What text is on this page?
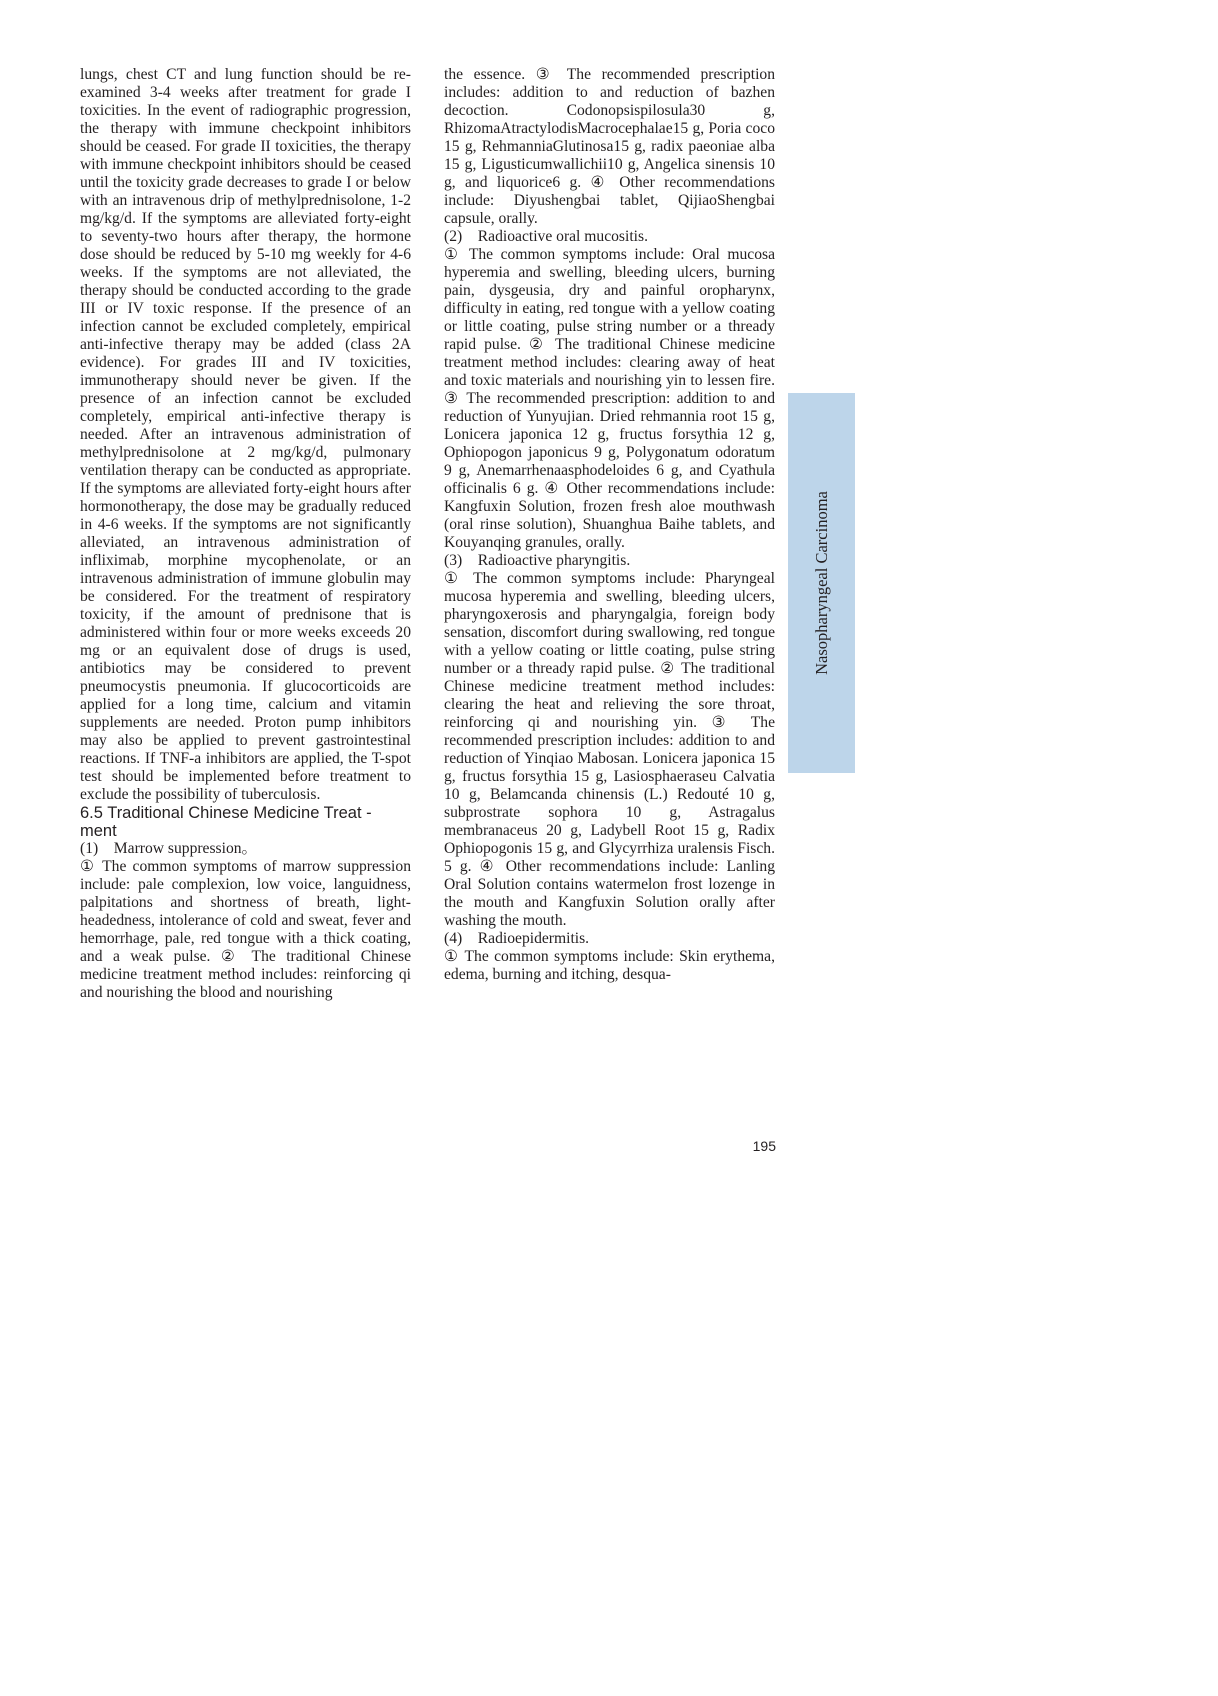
lungs, chest CT and lung function should be re-examined 3-4 weeks after treatment for grade I toxicities. In the event of radiographic progression, the therapy with immune checkpoint inhibitors should be ceased. For grade II toxicities, the therapy with immune checkpoint inhibitors should be ceased until the toxicity grade decreases to grade I or below with an intravenous drip of methylprednisolone, 1-2 mg/kg/d. If the symptoms are alleviated forty-eight to seventy-two hours after therapy, the hormone dose should be reduced by 5-10 mg weekly for 4-6 weeks. If the symptoms are not alleviated, the therapy should be conducted according to the grade III or IV toxic response. If the presence of an infection cannot be excluded completely, empirical anti-infective therapy may be added (class 2A evidence). For grades III and IV toxicities, immunotherapy should never be given. If the presence of an infection cannot be excluded completely, empirical anti-infective therapy is needed. After an intravenous administration of methylprednisolone at 2 mg/kg/d, pulmonary ventilation therapy can be conducted as appropriate. If the symptoms are alleviated forty-eight hours after hormonotherapy, the dose may be gradually reduced in 4-6 weeks. If the symptoms are not significantly alleviated, an intravenous administration of infliximab, morphine mycophenolate, or an intravenous administration of immune globulin may be considered. For the treatment of respiratory toxicity, if the amount of prednisone that is administered within four or more weeks exceeds 20 mg or an equivalent dose of drugs is used, antibiotics may be considered to prevent pneumocystis pneumonia. If glucocorticoids are applied for a long time, calcium and vitamin supplements are needed. Proton pump inhibitors may also be applied to prevent gastrointestinal reactions. If TNF-a inhibitors are applied, the T-spot test should be implemented before treatment to exclude the possibility of tuberculosis.

6.5 Traditional Chinese Medicine Treat - ment

(1) Marrow suppression。

① The common symptoms of marrow suppression include: pale complexion, low voice, languidness, palpitations and shortness of breath, light-headedness, intolerance of cold and sweat, fever and hemorrhage, pale, red tongue with a thick coating, and a weak pulse. ② The traditional Chinese medicine treatment method includes: reinforcing qi and nourishing the blood and nourishing

the essence. ③ The recommended prescription includes: addition to and reduction of bazhen decoction. Codonopsispilosula30 g, RhizomaAtractylodisMacrocephalae15 g, Poria coco 15 g, RehmanniaGlutinosa15 g, radix paeoniae alba 15 g, Ligusticumwallichii10 g, Angelica sinensis 10 g, and liquorice6 g. ④ Other recommendations include: Diyushengbai tablet, QijiaoShengbai capsule, orally.

(2) Radioactive oral mucositis.

① The common symptoms include: Oral mucosa hyperemia and swelling, bleeding ulcers, burning pain, dysgeusia, dry and painful oropharynx, difficulty in eating, red tongue with a yellow coating or little coating, pulse string number or a thready rapid pulse. ② The traditional Chinese medicine treatment method includes: clearing away of heat and toxic materials and nourishing yin to lessen fire. ③ The recommended prescription: addition to and reduction of Yunyujian. Dried rehmannia root 15 g, Lonicera japonica 12 g, fructus forsythia 12 g, Ophiopogon japonicus 9 g, Polygonatum odoratum 9 g, Anemarrhenaasphodeloides 6 g, and Cyathula officinalis 6 g. ④ Other recommendations include: Kangfuxin Solution, frozen fresh aloe mouthwash (oral rinse solution), Shuanghua Baihe tablets, and Kouyanqing granules, orally.

(3) Radioactive pharyngitis.

① The common symptoms include: Pharyngeal mucosa hyperemia and swelling, bleeding ulcers, pharyngoxerosis and pharyngalgia, foreign body sensation, discomfort during swallowing, red tongue with a yellow coating or little coating, pulse string number or a thready rapid pulse. ② The traditional Chinese medicine treatment method includes: clearing the heat and relieving the sore throat, reinforcing qi and nourishing yin. ③ The recommended prescription includes: addition to and reduction of Yinqiao Mabosan. Lonicera japonica 15 g, fructus forsythia 15 g, Lasiosphaeraseu Calvatia 10 g, Belamcanda chinensis (L.) Redouté 10 g, subprostrate sophora 10 g, Astragalus membranaceus 20 g, Ladybell Root 15 g, Radix Ophiopogonis 15 g, and Glycyrrhiza uralensis Fisch. 5 g. ④ Other recommendations include: Lanling Oral Solution contains watermelon frost lozenge in the mouth and Kangfuxin Solution orally after washing the mouth.

(4) Radioepidermitis.

① The common symptoms include: Skin erythema, edema, burning and itching, desqua-

Nasopharyngeal Carcinoma
195
